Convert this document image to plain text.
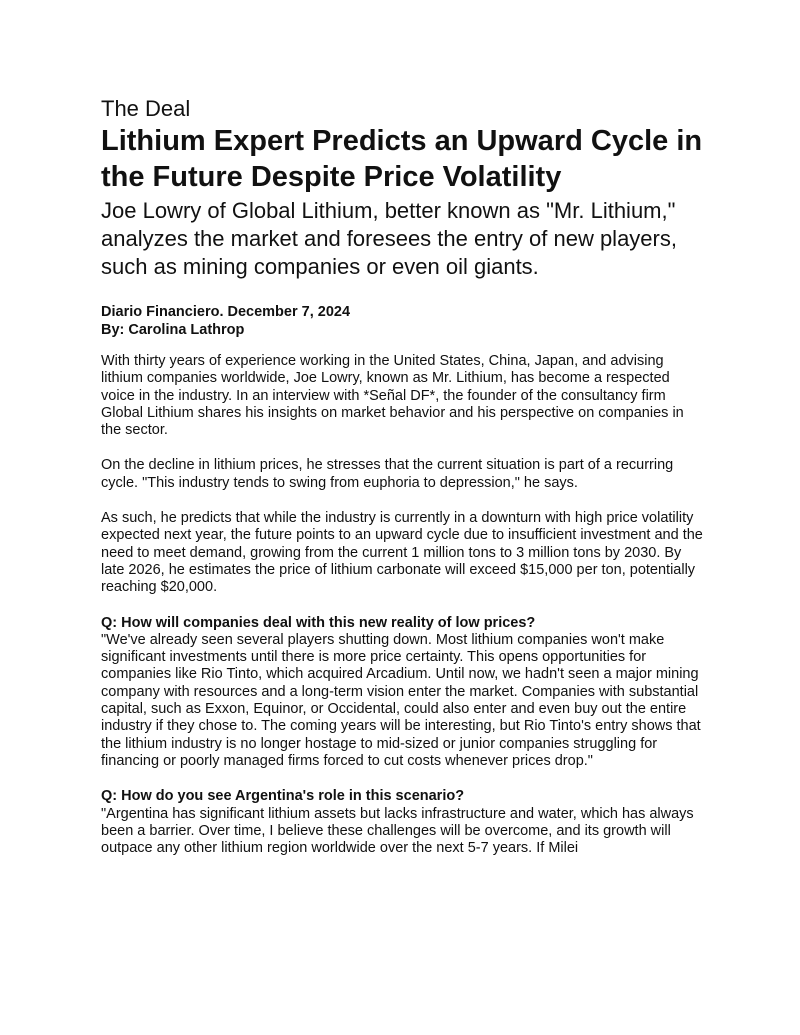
The Deal
Lithium Expert Predicts an Upward Cycle in the Future Despite Price Volatility
Joe Lowry of Global Lithium, better known as "Mr. Lithium," analyzes the market and foresees the entry of new players, such as mining companies or even oil giants.
Diario Financiero. December 7, 2024
By: Carolina Lathrop

With thirty years of experience working in the United States, China, Japan, and advising lithium companies worldwide, Joe Lowry, known as Mr. Lithium, has become a respected voice in the industry. In an interview with *Señal DF*, the founder of the consultancy firm Global Lithium shares his insights on market behavior and his perspective on companies in the sector.

On the decline in lithium prices, he stresses that the current situation is part of a recurring cycle. "This industry tends to swing from euphoria to depression," he says.

As such, he predicts that while the industry is currently in a downturn with high price volatility expected next year, the future points to an upward cycle due to insufficient investment and the need to meet demand, growing from the current 1 million tons to 3 million tons by 2030. By late 2026, he estimates the price of lithium carbonate will exceed $15,000 per ton, potentially reaching $20,000.

Q: How will companies deal with this new reality of low prices?

"We've already seen several players shutting down. Most lithium companies won't make significant investments until there is more price certainty. This opens opportunities for companies like Rio Tinto, which acquired Arcadium. Until now, we hadn't seen a major mining company with resources and a long-term vision enter the market. Companies with substantial capital, such as Exxon, Equinor, or Occidental, could also enter and even buy out the entire industry if they chose to. The coming years will be interesting, but Rio Tinto's entry shows that the lithium industry is no longer hostage to mid-sized or junior companies struggling for financing or poorly managed firms forced to cut costs whenever prices drop."

Q: How do you see Argentina's role in this scenario?

"Argentina has significant lithium assets but lacks infrastructure and water, which has always been a barrier. Over time, I believe these challenges will be overcome, and its growth will outpace any other lithium region worldwide over the next 5-7 years. If Milei
